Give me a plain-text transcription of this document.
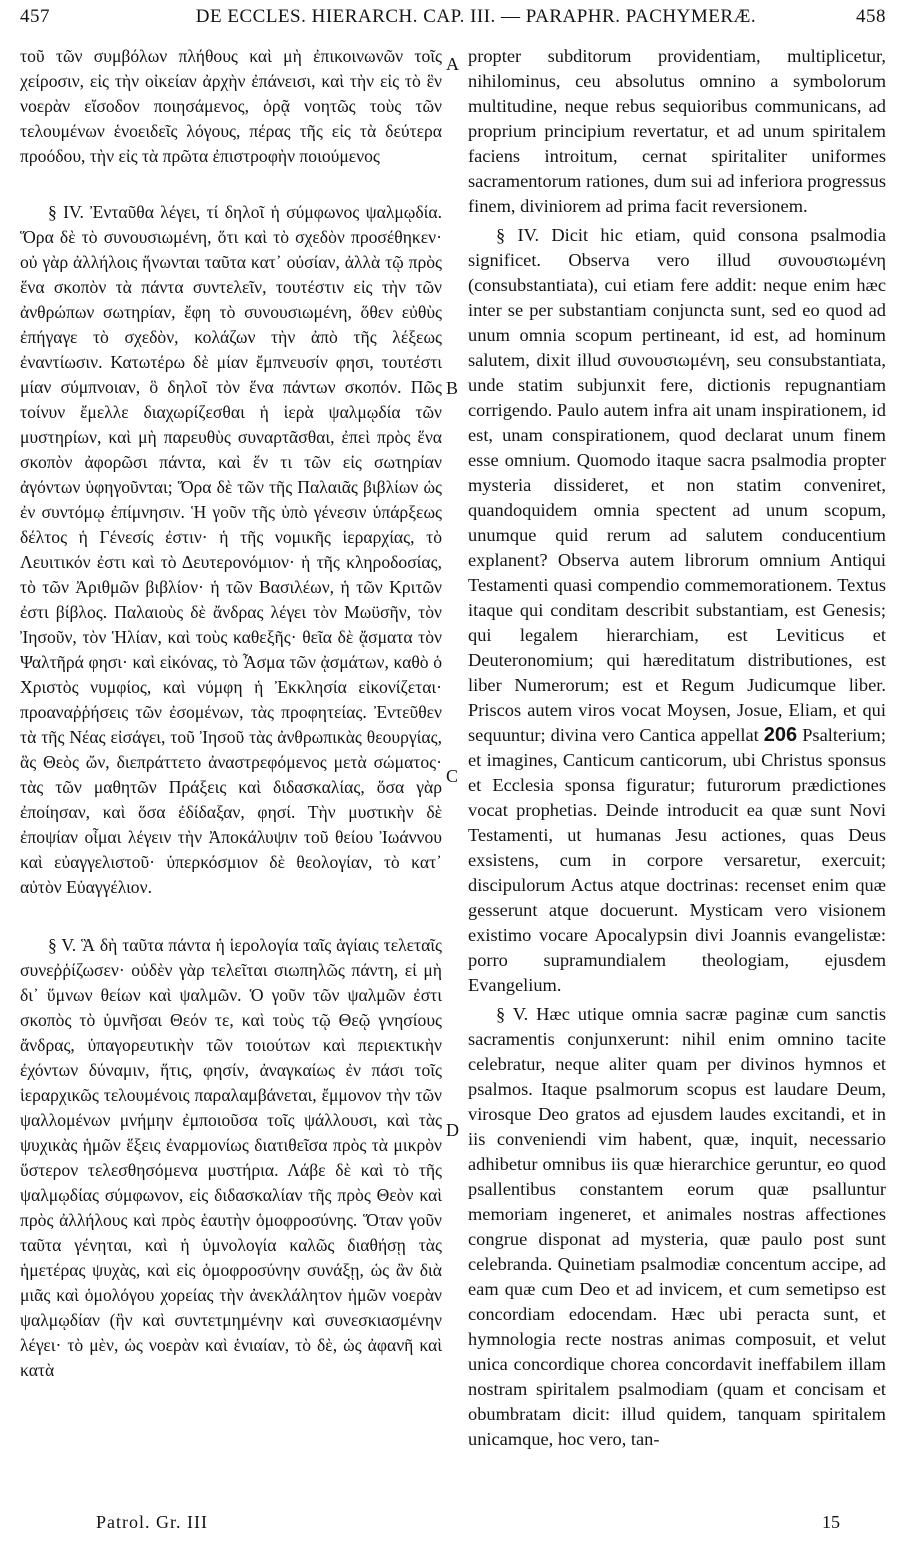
457	DE ECCLES. HIERARCH. CAP. III. — PARAPHR. PACHYMERÆ.	458

τοῦ τῶν συμβόλων πλήθους καὶ μὴ ἐπικοινωνῶν τοῖς χείροσιν, εἰς τὴν οἰκείαν ἀρχὴν ἐπάνεισι, καὶ τὴν εἰς τὸ ἓν νοερὰν εἴσοδον ποιησάμενος, ὁρᾷ νοητῶς τοὺς τῶν τελουμένων ἑνοειδεῖς λόγους, πέρας τῆς εἰς τὰ δεύτερα προόδου, τὴν εἰς τὰ πρῶτα ἐπιστροφὴν ποιούμενος

§ IV. Ἐνταῦθα λέγει, τί δηλοῖ ἡ σύμφωνος ψαλμῳδία. Ὅρα δὲ τὸ συνουσιωμένη, ὅτι καὶ τὸ σχεδὸν προσέθηκεν· οὐ γὰρ ἀλλήλοις ἥνωνται ταῦτα κατ᾽ οὐσίαν, ἀλλὰ τῷ πρὸς ἕνα σκοπὸν τὰ πάντα συντελεῖν, τουτέστιν εἰς τὴν τῶν ἀνθρώπων σωτηρίαν, ἔφη τὸ συνουσιωμένη, ὅθεν εὐθὺς ἐπήγαγε τὸ σχεδὸν, κολάζων τὴν ἀπὸ τῆς λέξεως ἐναντίωσιν. Κατωτέρω δὲ μίαν ἔμπνευσίν φησι, τουτέστι μίαν σύμπνοιαν, ὃ δηλοῖ τὸν ἕνα πάντων σκοπόν. Πῶς τοίνυν ἔμελλε διαχωρίζεσθαι ἡ ἱερὰ ψαλμῳδία τῶν μυστηρίων, καὶ μὴ παρευθὺς συναρτᾶσθαι, ἐπεὶ πρὸς ἕνα σκοπὸν ἀφορῶσι πάντα, καὶ ἕν τι τῶν εἰς σωτηρίαν ἀγόντων ὑφηγοῦνται; Ὅρα δὲ τῶν τῆς Παλαιᾶς βιβλίων ὡς ἐν συντόμῳ ἐπίμνησιν. Ἡ γοῦν τῆς ὑπὸ γένεσιν ὑπάρξεως δέλτος ἡ Γένεσίς ἐστιν· ἡ τῆς νομικῆς ἱεραρχίας, τὸ Λευιτικόν ἐστι καὶ τὸ Δευτερονόμιον· ἡ τῆς κληροδοσίας, τὸ τῶν Ἀριθμῶν βιβλίον· ἡ τῶν Βασιλέων, ἡ τῶν Κριτῶν ἐστι βίβλος. Παλαιοὺς δὲ ἄνδρας λέγει τὸν Μωϋσῆν, τὸν Ἰησοῦν, τὸν Ἡλίαν, καὶ τοὺς καθεξῆς· θεῖα δὲ ᾄσματα τὸν Ψαλτῆρά φησι· καὶ εἰκόνας, τὸ Ἆσμα τῶν ᾀσμάτων, καθὸ ὁ Χριστὸς νυμφίος, καὶ νύμφη ἡ Ἐκκλησία εἰκονίζεται· προαναῤῥήσεις τῶν ἐσομένων, τὰς προφητείας. Ἐντεῦθεν τὰ τῆς Νέας εἰσάγει, τοῦ Ἰησοῦ τὰς ἀνθρωπικὰς θεουργίας, ἃς Θεὸς ὤν, διεπράττετο ἀναστρεφόμενος μετὰ σώματος· τὰς τῶν μαθητῶν Πράξεις καὶ διδασκαλίας, ὅσα γὰρ ἐποίησαν, καὶ ὅσα ἐδίδαξαν, φησί. Τὴν μυστικὴν δὲ ἐποψίαν οἶμαι λέγειν τὴν Ἀποκάλυψιν τοῦ θείου Ἰωάννου καὶ εὐαγγελιστοῦ· ὑπερκόσμιον δὲ θεολογίαν, τὸ κατ᾽ αὐτὸν Εὐαγγέλιον.

§ V. Ἃ δὴ ταῦτα πάντα ἡ ἱερολογία ταῖς ἁγίαις τελεταῖς συνεῤῥίζωσεν· οὐδὲν γὰρ τελεῖται σιωπηλῶς πάντη, εἰ μὴ δι᾽ ὕμνων θείων καὶ ψαλμῶν. Ὁ γοῦν τῶν ψαλμῶν ἐστι σκοπὸς τὸ ὑμνῆσαι Θεόν τε, καὶ τοὺς τῷ Θεῷ γνησίους ἄνδρας, ὑπαγορευτικὴν τῶν τοιούτων καὶ περιεκτικὴν ἐχόντων δύναμιν, ἥτις, φησίν, ἀναγκαίως ἐν πάσι τοῖς ἱεραρχικῶς τελουμένοις παραλαμβάνεται, ἔμμονον τὴν τῶν ψαλλομένων μνήμην ἐμποιοῦσα τοῖς ψάλλουσι, καὶ τὰς ψυχικὰς ἡμῶν ἕξεις ἐναρμονίως διατιθεῖσα πρὸς τὰ μικρὸν ὕστερον τελεσθησόμενα μυστήρια. Λάβε δὲ καὶ τὸ τῆς ψαλμῳδίας σύμφωνον, εἰς διδασκαλίαν τῆς πρὸς Θεὸν καὶ πρὸς ἀλλήλους καὶ πρὸς ἑαυτὴν ὁμοφροσύνης. Ὅταν γοῦν ταῦτα γένηται, καὶ ἡ ὑμνολογία καλῶς διαθήσῃ τὰς ἡμετέρας ψυχὰς, καὶ εἰς ὁμοφροσύνην συνάξῃ, ὡς ἂν διὰ μιᾶς καὶ ὁμολόγου χορείας τὴν ἀνεκλάλητον ἡμῶν νοερὰν ψαλμῳδίαν (ἣν καὶ συντετμημένην καὶ συνεσκιασμένην λέγει· τὸ μὲν, ὡς νοερὰν καὶ ἑνιαίαν, τὸ δὲ, ὡς ἀφανῆ καὶ κατὰ

A
B
C
D

propter subditorum providentiam, multiplicetur, nihilominus, ceu absolutus omnino a symbolorum multitudine, neque rebus sequioribus communicans, ad proprium principium revertatur, et ad unum spiritalem faciens introitum, cernat spiritaliter uniformes sacramentorum rationes, dum sui ad inferiora progressus finem, diviniorem ad prima facit reversionem.

§ IV. Dicit hic etiam, quid consona psalmodia significet. Observa vero illud συνουσιωμένη (consubstantiata), cui etiam fere addit: neque enim hæc inter se per substantiam conjuncta sunt, sed eo quod ad unum omnia scopum pertineant, id est, ad hominum salutem, dixit illud συνουσιωμένη, seu consubstantiata, unde statim subjunxit fere, dictionis repugnantiam corrigendo. Paulo autem infra ait unam inspirationem, id est, unam conspirationem, quod declarat unum finem esse omnium. Quomodo itaque sacra psalmodia propter mysteria dissideret, et non statim conveniret, quandoquidem omnia spectent ad unum scopum, unumque quid rerum ad salutem conducentium explanent? Observa autem librorum omnium Antiqui Testamenti quasi compendio commemorationem. Textus itaque qui conditam describit substantiam, est Genesis; qui legalem hierarchiam, est Leviticus et Deuteronomium; qui hæreditatum distributiones, est liber Numerorum; est et Regum Judicumque liber. Priscos autem viros vocat Moysen, Josue, Eliam, et qui sequuntur; divina vero Cantica appellat 206 Psalterium; et imagines, Canticum canticorum, ubi Christus sponsus et Ecclesia sponsa figuratur; futurorum prædictiones vocat prophetias. Deinde introducit ea quæ sunt Novi Testamenti, ut humanas Jesu actiones, quas Deus exsistens, cum in corpore versaretur, exercuit; discipulorum Actus atque doctrinas: recenset enim quæ gesserunt atque docuerunt. Mysticam vero visionem existimo vocare Apocalypsin divi Joannis evangelistæ: porro supramundialem theologiam, ejusdem Evangelium.

§ V. Hæc utique omnia sacræ paginæ cum sanctis sacramentis conjunxerunt: nihil enim omnino tacite celebratur, neque aliter quam per divinos hymnos et psalmos. Itaque psalmorum scopus est laudare Deum, virosque Deo gratos ad ejusdem laudes excitandi, et in iis conveniendi vim habent, quæ, inquit, necessario adhibetur omnibus iis quæ hierarchice geruntur, eo quod psallentibus constantem eorum quæ psalluntur memoriam ingeneret, et animales nostras affectiones congrue disponat ad mysteria, quæ paulo post sunt celebranda. Quinetiam psalmodiæ concentum accipe, ad eam quæ cum Deo et ad invicem, et cum semetipso est concordiam edocendam. Hæc ubi peracta sunt, et hymnologia recte nostras animas composuit, et velut unica concordique chorea concordavit ineffabilem illam nostram spiritalem psalmodiam (quam et concisam et obumbratam dicit: illud quidem, tanquam spiritalem unicamque, hoc vero, tan-

Patrol. Gr. III	15
